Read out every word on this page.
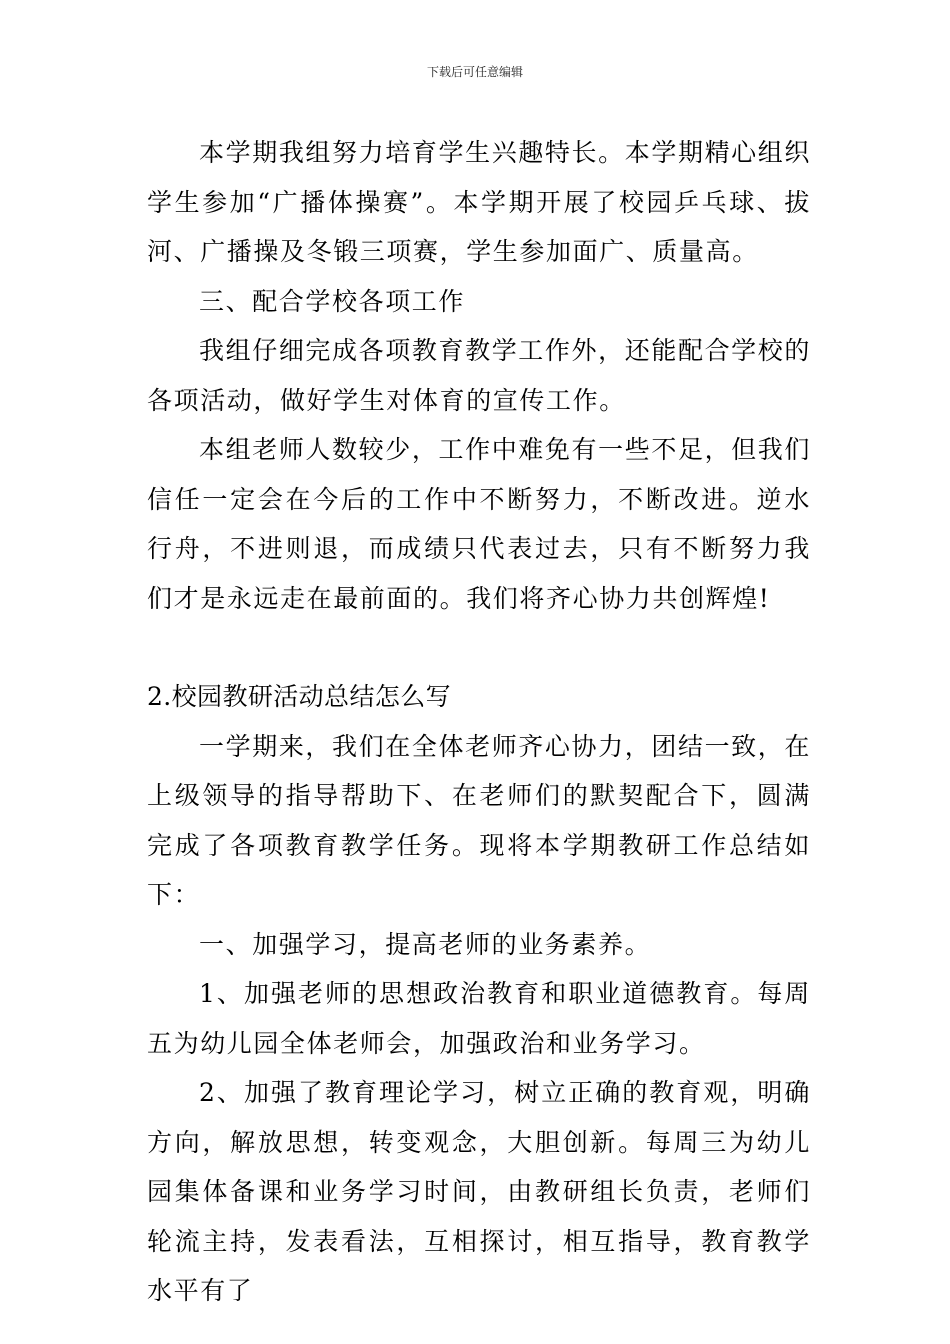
下载后可任意编辑

本学期我组努力培育学生兴趣特长。本学期精心组织学生参加“广播体操赛”。本学期开展了校园乒乓球、拔河、广播操及冬锻三项赛，学生参加面广、质量高。

三、配合学校各项工作

我组仔细完成各项教育教学工作外，还能配合学校的各项活动，做好学生对体育的宣传工作。

本组老师人数较少，工作中难免有一些不足，但我们信任一定会在今后的工作中不断努力，不断改进。逆水行舟，不进则退，而成绩只代表过去，只有不断努力我们才是永远走在最前面的。我们将齐心协力共创辉煌!

2.校园教研活动总结怎么写

一学期来，我们在全体老师齐心协力，团结一致，在上级领导的指导帮助下、在老师们的默契配合下，圆满完成了各项教育教学任务。现将本学期教研工作总结如下：

一、加强学习，提高老师的业务素养。

1、加强老师的思想政治教育和职业道德教育。每周五为幼儿园全体老师会，加强政治和业务学习。

2、加强了教育理论学习，树立正确的教育观，明确方向，解放思想，转变观念，大胆创新。每周三为幼儿园集体备课和业务学习时间，由教研组长负责，老师们轮流主持，发表看法，互相探讨，相互指导，教育教学水平有了
